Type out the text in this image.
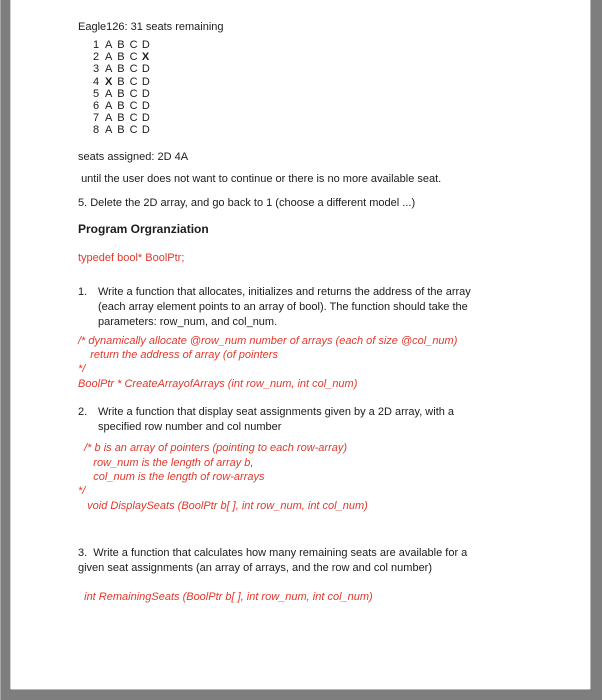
Eagle126: 31 seats remaining
1 A B C D
2 A B C X
3 A B C D
4 X B C D
5 A B C D
6 A B C D
7 A B C D
8 A B C D
seats assigned: 2D 4A
until the user does not want to continue or there is no more available seat.
5. Delete the 2D array, and go back to 1 (choose a different model ...)
Program Orgranziation
typedef bool* BoolPtr;
1. Write a function that allocates, initializes and returns the address of the array
(each array element points to an array of bool). The function should take the
parameters: row_num, and col_num.
/* dynamically allocate @row_num number of arrays (each of size @col_num)
return the address of array (of pointers
*/
BoolPtr * CreateArrayofArrays (int row_num, int col_num)
2. Write a function that display seat assignments given by a 2D array, with a
specified row number and col number
/* b is an array of pointers (pointing to each row-array)
row_num is the length of array b,
col_num is the length of row-arrays
*/
void DisplaySeats (BoolPtr b[ ], int row_num, int col_num)
3.  Write a function that calculates how many remaining seats are available for a
given seat assignments (an array of arrays, and the row and col number)
int RemainingSeats (BoolPtr b[ ], int row_num, int col_num)
